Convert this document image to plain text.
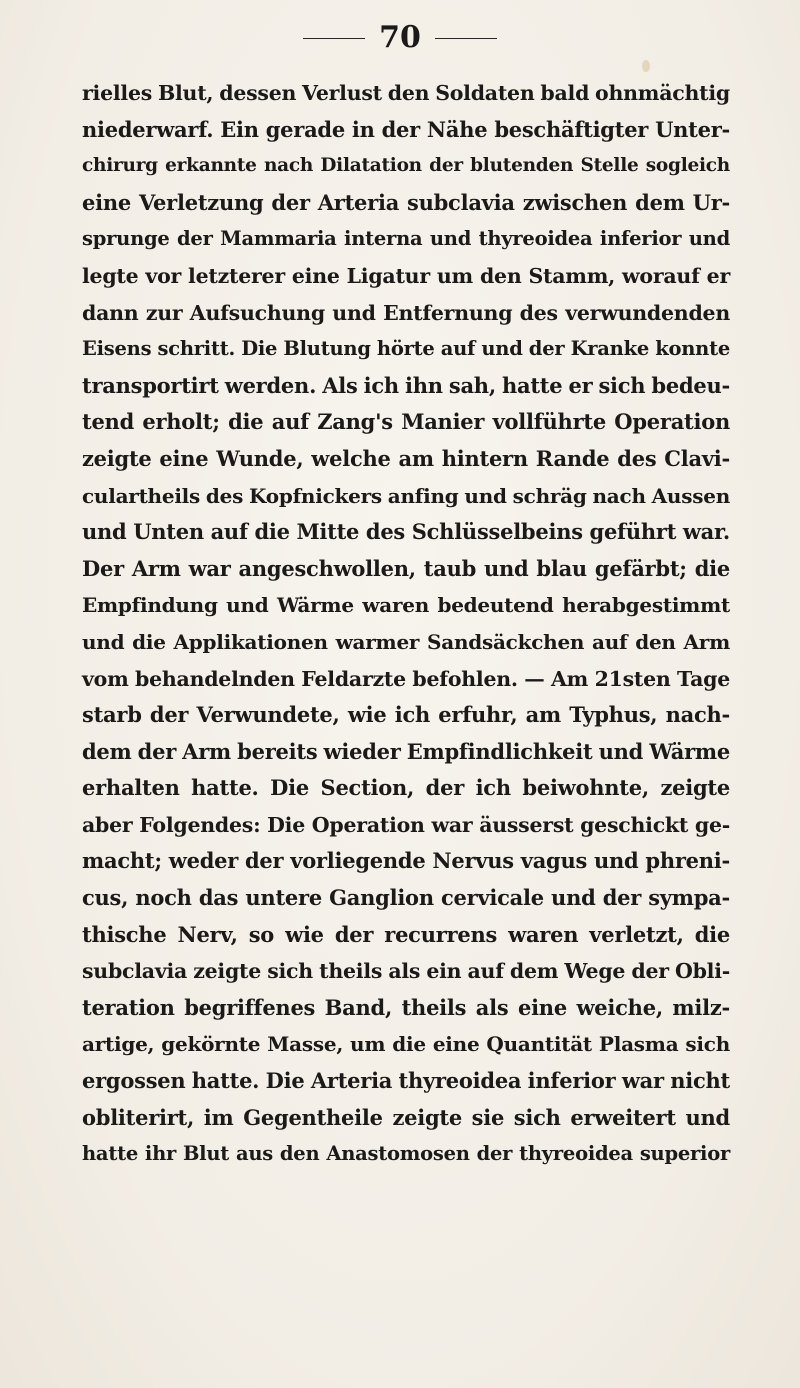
70
rielles Blut, dessen Verlust den Soldaten bald ohnmächtig
niederwarf. Ein gerade in der Nähe beschäftigter Unter-
chirurg erkannte nach Dilatation der blutenden Stelle sogleich
eine Verletzung der Arteria subclavia zwischen dem Ur-
sprunge der Mammaria interna und thyreoidea inferior und
legte vor letzterer eine Ligatur um den Stamm, worauf er
dann zur Aufsuchung und Entfernung des verwundenden
Eisens schritt. Die Blutung hörte auf und der Kranke konnte
transportirt werden. Als ich ihn sah, hatte er sich bedeu-
tend erholt; die auf Zang's Manier vollführte Operation
zeigte eine Wunde, welche am hintern Rande des Clavi-
culartheils des Kopfnickers anfing und schräg nach Aussen
und Unten auf die Mitte des Schlüsselbeins geführt war.
Der Arm war angeschwollen, taub und blau gefärbt; die
Empfindung und Wärme waren bedeutend herabgestimmt
und die Applikationen warmer Sandsäckchen auf den Arm
vom behandelnden Feldarzte befohlen. — Am 21sten Tage
starb der Verwundete, wie ich erfuhr, am Typhus, nach-
dem der Arm bereits wieder Empfindlichkeit und Wärme
erhalten hatte. Die Section, der ich beiwohnte, zeigte
aber Folgendes: Die Operation war äusserst geschickt ge-
macht; weder der vorliegende Nervus vagus und phreni-
cus, noch das untere Ganglion cervicale und der sympa-
thische Nerv, so wie der recurrens waren verletzt, die
subclavia zeigte sich theils als ein auf dem Wege der Obli-
teration begriffenes Band, theils als eine weiche, milz-
artige, gekörnte Masse, um die eine Quantität Plasma sich
ergossen hatte. Die Arteria thyreoidea inferior war nicht
obliterirt, im Gegentheile zeigte sie sich erweitert und
hatte ihr Blut aus den Anastomosen der thyreoidea superior
